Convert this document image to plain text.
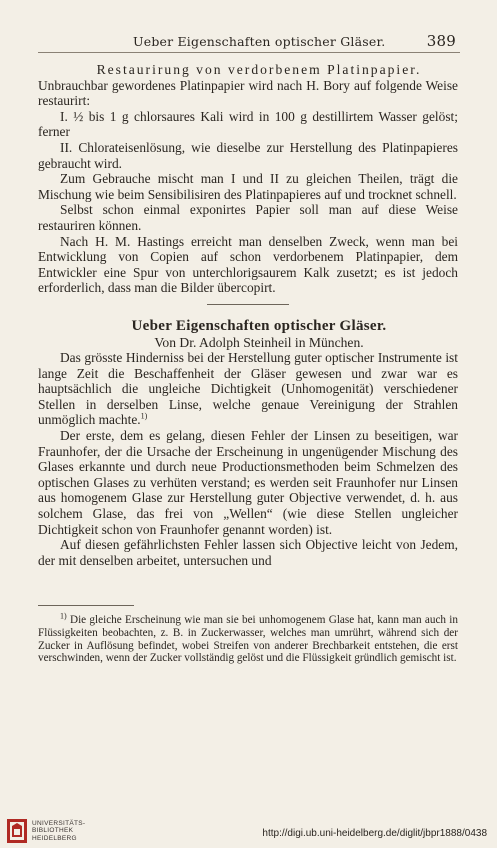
Ueber Eigenschaften optischer Gläser.	389

Restaurirung von verdorbenem Platinpapier.

Unbrauchbar gewordenes Platinpapier wird nach H. Bory auf folgende Weise restaurirt:

I. ½ bis 1 g chlorsaures Kali wird in 100 g destillirtem Wasser gelöst; ferner

II. Chlorateisenlösung, wie dieselbe zur Herstellung des Platinpapieres gebraucht wird.

Zum Gebrauche mischt man I und II zu gleichen Theilen, trägt die Mischung wie beim Sensibilisiren des Platinpapieres auf und trocknet schnell.

Selbst schon einmal exponirtes Papier soll man auf diese Weise restauriren können.

Nach H. M. Hastings erreicht man denselben Zweck, wenn man bei Entwicklung von Copien auf schon verdorbenem Platinpapier, dem Entwickler eine Spur von unterchlorigsaurem Kalk zusetzt; es ist jedoch erforderlich, dass man die Bilder übercopirt.

Ueber Eigenschaften optischer Gläser.

Von Dr. Adolph Steinheil in München.

Das grösste Hinderniss bei der Herstellung guter optischer Instrumente ist lange Zeit die Beschaffenheit der Gläser gewesen und zwar war es hauptsächlich die ungleiche Dichtigkeit (Unhomogenität) verschiedener Stellen in derselben Linse, welche genaue Vereinigung der Strahlen unmöglich machte.$^{1)}$

Der erste, dem es gelang, diesen Fehler der Linsen zu beseitigen, war Fraunhofer, der die Ursache der Erscheinung in ungenügender Mischung des Glases erkannte und durch neue Productionsmethoden beim Schmelzen des optischen Glases zu verhüten verstand; es werden seit Fraunhofer nur Linsen aus homogenem Glase zur Herstellung guter Objective verwendet, d. h. aus solchem Glase, das frei von „Wellen“ (wie diese Stellen ungleicher Dichtigkeit schon von Fraunhofer genannt worden) ist.

Auf diesen gefährlichsten Fehler lassen sich Objective leicht von Jedem, der mit denselben arbeitet, untersuchen und

$^{1)}$ Die gleiche Erscheinung wie man sie bei unhomogenem Glase hat, kann man auch in Flüssigkeiten beobachten, z. B. in Zuckerwasser, welches man umrührt, während sich der Zucker in Auflösung befindet, wobei Streifen von anderer Brechbarkeit entstehen, die erst verschwinden, wenn der Zucker vollständig gelöst und die Flüssigkeit gründlich gemischt ist.

UNIVERSITÄTS-
BIBLIOTHEK
HEIDELBERG	http://digi.ub.uni-heidelberg.de/diglit/jbpr1888/0438
